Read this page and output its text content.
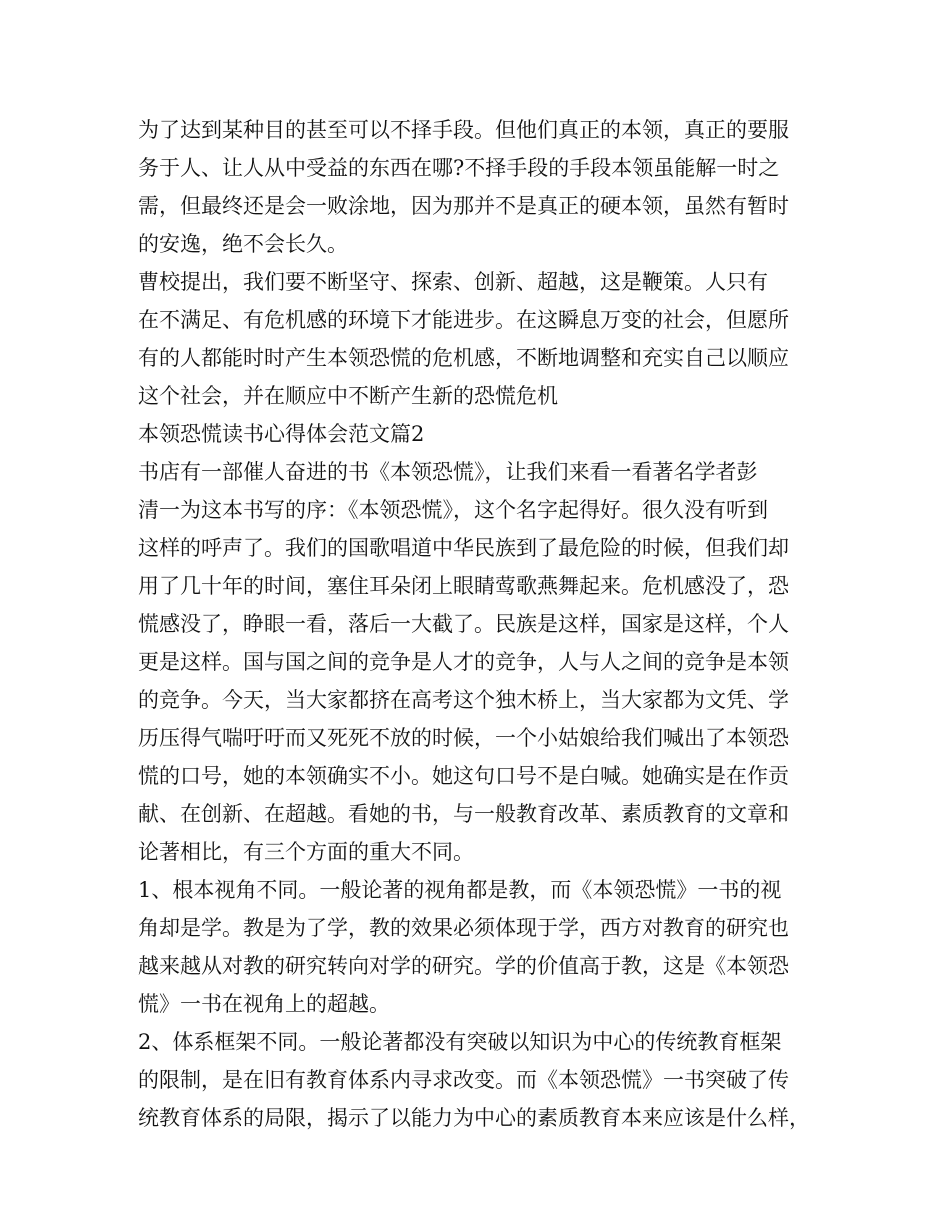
为了达到某种目的甚至可以不择手段。但他们真正的本领，真正的要服
务于人、让人从中受益的东西在哪?不择手段的手段本领虽能解一时之
需，但最终还是会一败涂地，因为那并不是真正的硬本领，虽然有暂时
的安逸，绝不会长久。
曹校提出，我们要不断坚守、探索、创新、超越，这是鞭策。人只有
在不满足、有危机感的环境下才能进步。在这瞬息万变的社会，但愿所
有的人都能时时产生本领恐慌的危机感，不断地调整和充实自己以顺应
这个社会，并在顺应中不断产生新的恐慌危机
本领恐慌读书心得体会范文篇2
书店有一部催人奋进的书《本领恐慌》，让我们来看一看著名学者彭
清一为这本书写的序：《本领恐慌》，这个名字起得好。很久没有听到
这样的呼声了。我们的国歌唱道中华民族到了最危险的时候，但我们却
用了几十年的时间，塞住耳朵闭上眼睛莺歌燕舞起来。危机感没了，恐
慌感没了，睁眼一看，落后一大截了。民族是这样，国家是这样，个人
更是这样。国与国之间的竞争是人才的竞争，人与人之间的竞争是本领
的竞争。今天，当大家都挤在高考这个独木桥上，当大家都为文凭、学
历压得气喘吁吁而又死死不放的时候，一个小姑娘给我们喊出了本领恐
慌的口号，她的本领确实不小。她这句口号不是白喊。她确实是在作贡
献、在创新、在超越。看她的书，与一般教育改革、素质教育的文章和
论著相比，有三个方面的重大不同。
1、根本视角不同。一般论著的视角都是教，而《本领恐慌》一书的视
角却是学。教是为了学，教的效果必须体现于学，西方对教育的研究也
越来越从对教的研究转向对学的研究。学的价值高于教，这是《本领恐
慌》一书在视角上的超越。
2、体系框架不同。一般论著都没有突破以知识为中心的传统教育框架
的限制，是在旧有教育体系内寻求改变。而《本领恐慌》一书突破了传
统教育体系的局限，揭示了以能力为中心的素质教育本来应该是什么样，
